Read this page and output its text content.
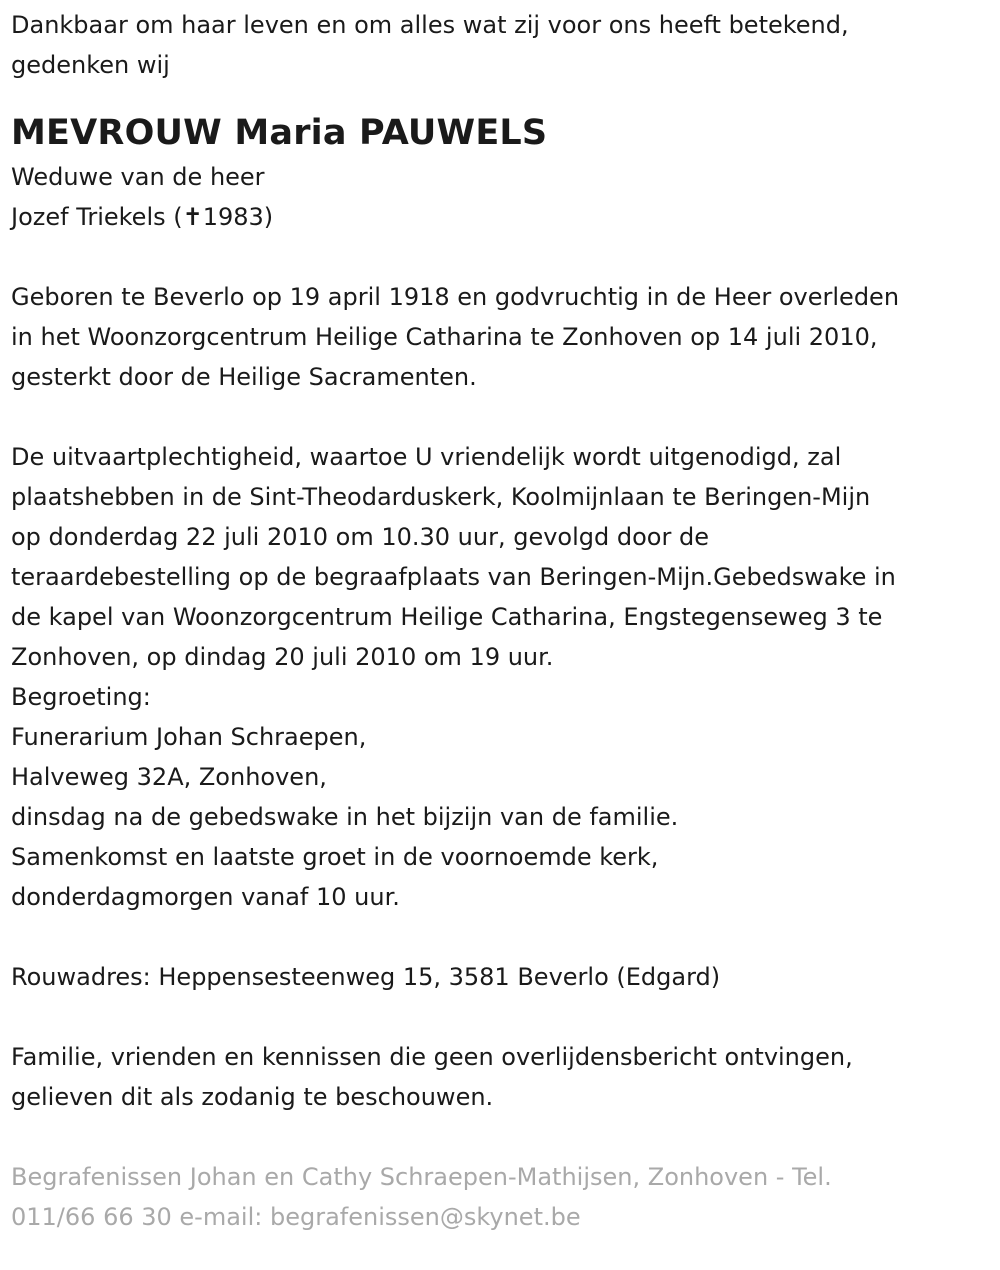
Dankbaar om haar leven en om alles wat zij voor ons heeft betekend,
gedenken wij
MEVROUW Maria PAUWELS
Weduwe van de heer
Jozef Triekels (✝1983)
Geboren te Beverlo op 19 april 1918 en godvruchtig in de Heer overleden
in het Woonzorgcentrum Heilige Catharina te Zonhoven op 14 juli 2010,
gesterkt door de Heilige Sacramenten.
De uitvaartplechtigheid, waartoe U vriendelijk wordt uitgenodigd, zal
plaatshebben in de Sint-Theodarduskerk, Koolmijnlaan te Beringen-Mijn
op donderdag 22 juli 2010 om 10.30 uur, gevolgd door de
teraardebestelling op de begraafplaats van Beringen-Mijn.Gebedswake in
de kapel van Woonzorgcentrum Heilige Catharina, Engstegenseweg 3 te
Zonhoven, op dindag 20 juli 2010 om 19 uur.
Begroeting:
Funerarium Johan Schraepen,
Halveweg 32A, Zonhoven,
dinsdag na de gebedswake in het bijzijn van de familie.
Samenkomst en laatste groet in de voornoemde kerk,
donderdagmorgen vanaf 10 uur.
Rouwadres: Heppensesteenweg 15, 3581 Beverlo (Edgard)
Familie, vrienden en kennissen die geen overlijdensbericht ontvingen,
gelieven dit als zodanig te beschouwen.
Begrafenissen Johan en Cathy Schraepen-Mathijsen, Zonhoven - Tel.
011/66 66 30 e-mail: begrafenissen@skynet.be
